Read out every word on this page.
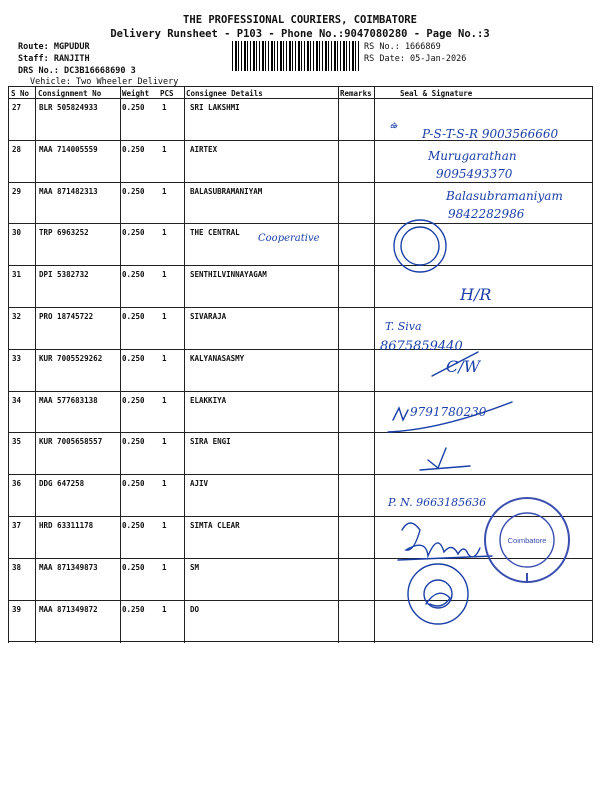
THE PROFESSIONAL COURIERS, COIMBATORE
Delivery Runsheet - P103 - Phone No.:9047080280 - Page No.:3
Route: MGPUDUR
Staff: RANJITH
DRS No.: DC3B16668690 3
Vehicle: Two Wheeler Delivery
RS No.: 1666869
RS Date: 05-Jan-2026
S No Consignment No	Weight PCS Consignee Details	Remarks	Seal & Signature
27 BLR 505824933	0.250 1	SRI LAKSHMI
28 MAA 714005559	0.250 1	AIRTEX
29 MAA 871482313	0.250 1	BALASUBRAMANIYAM
30 TRP 6963252	0.250 1	THE CENTRAL
31 DPI 5382732	0.250 1	SENTHILVINNAYAGAM
32 PRO 18745722	0.250 1	SIVARAJA
33 KUR 7005529262	0.250 1	KALYANASASMY
34 MAA 577683138	0.250 1	ELAKKIYA
35 KUR 7005658557	0.250 1	SIRA ENGI
36 DDG 647258	0.250 1	AJIV
37 HRD 63311178	0.250 1	SIMTA CLEAR
38 MAA 871349873	0.250 1	SM
39 MAA 871349872	0.250 1	DO
Coimbatore
ఉ
P-S-T-S-R 9003566660
Murugarathan
9095493370
Balasubramaniyam
9842282986
Cooperative
H/R
T. Siva
8675859440
C/W
9791780230
P. N. 9663185636
